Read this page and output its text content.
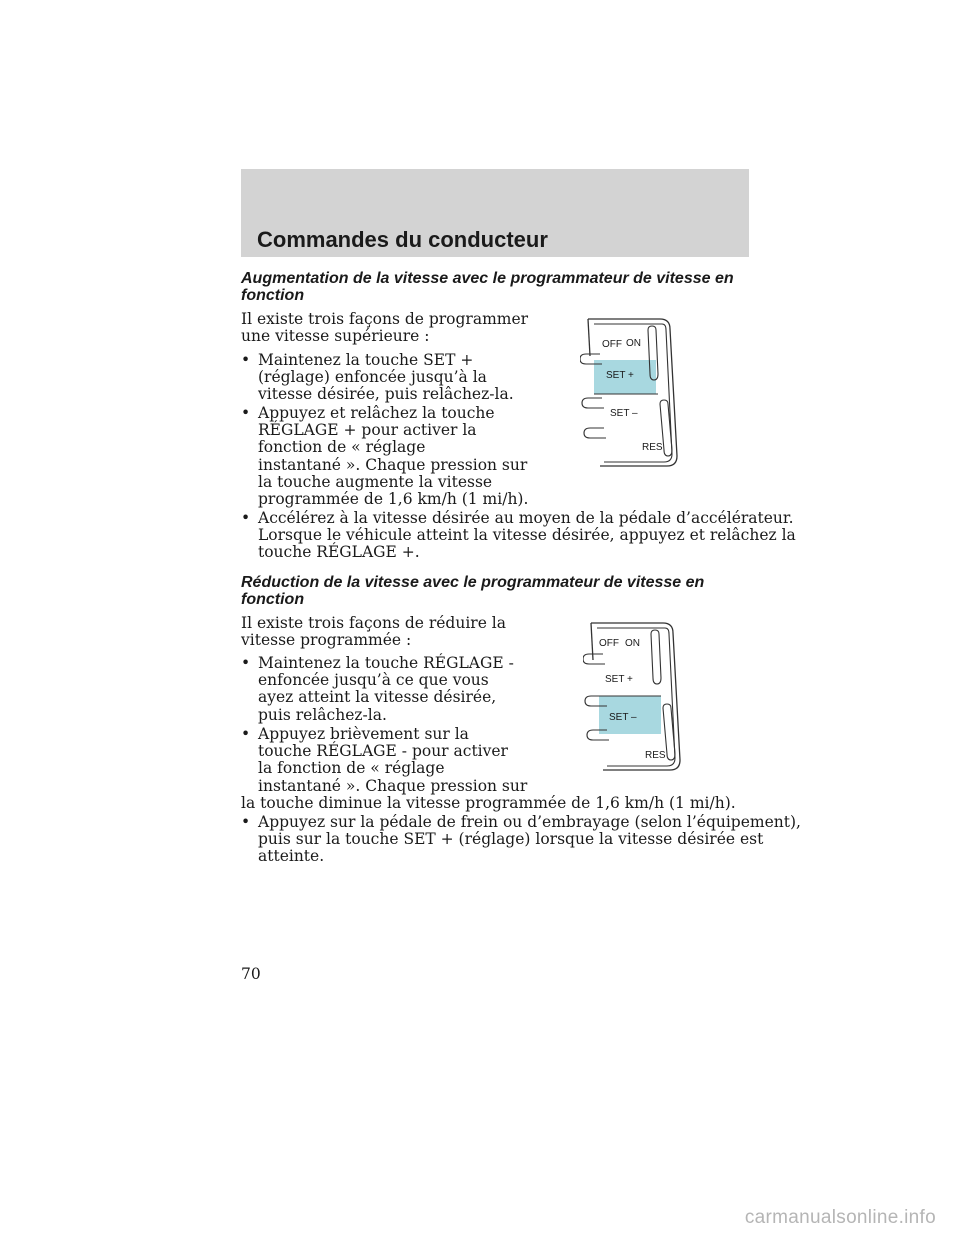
Commandes du conducteur
Augmentation de la vitesse avec le programmateur de vitesse en fonction

Il existe trois façons de programmer
une vitesse supérieure :

• Maintenez la touche SET +
(réglage) enfoncée jusqu’à la
vitesse désirée, puis relâchez-la.
• Appuyez et relâchez la touche
RÉGLAGE + pour activer la
fonction de « réglage
instantané ». Chaque pression sur
la touche augmente la vitesse
programmée de 1,6 km/h (1 mi/h).
• Accélérez à la vitesse désirée au moyen de la pédale d’accélérateur.
Lorsque le véhicule atteint la vitesse désirée, appuyez et relâchez la
touche RÉGLAGE +.
OFF ON
SET +
SET –
RES
Réduction de la vitesse avec le programmateur de vitesse en fonction

Il existe trois façons de réduire la
vitesse programmée :

• Maintenez la touche RÉGLAGE -
enfoncée jusqu’à ce que vous
ayez atteint la vitesse désirée,
puis relâchez-la.
• Appuyez brièvement sur la
touche RÉGLAGE - pour activer
la fonction de « réglage
instantané ». Chaque pression sur

la touche diminue la vitesse programmée de 1,6 km/h (1 mi/h).

• Appuyez sur la pédale de frein ou d’embrayage (selon l’équipement),
puis sur la touche SET + (réglage) lorsque la vitesse désirée est
atteinte.
OFF ON
SET +
SET –
RES
70
carmanualsonline.info
